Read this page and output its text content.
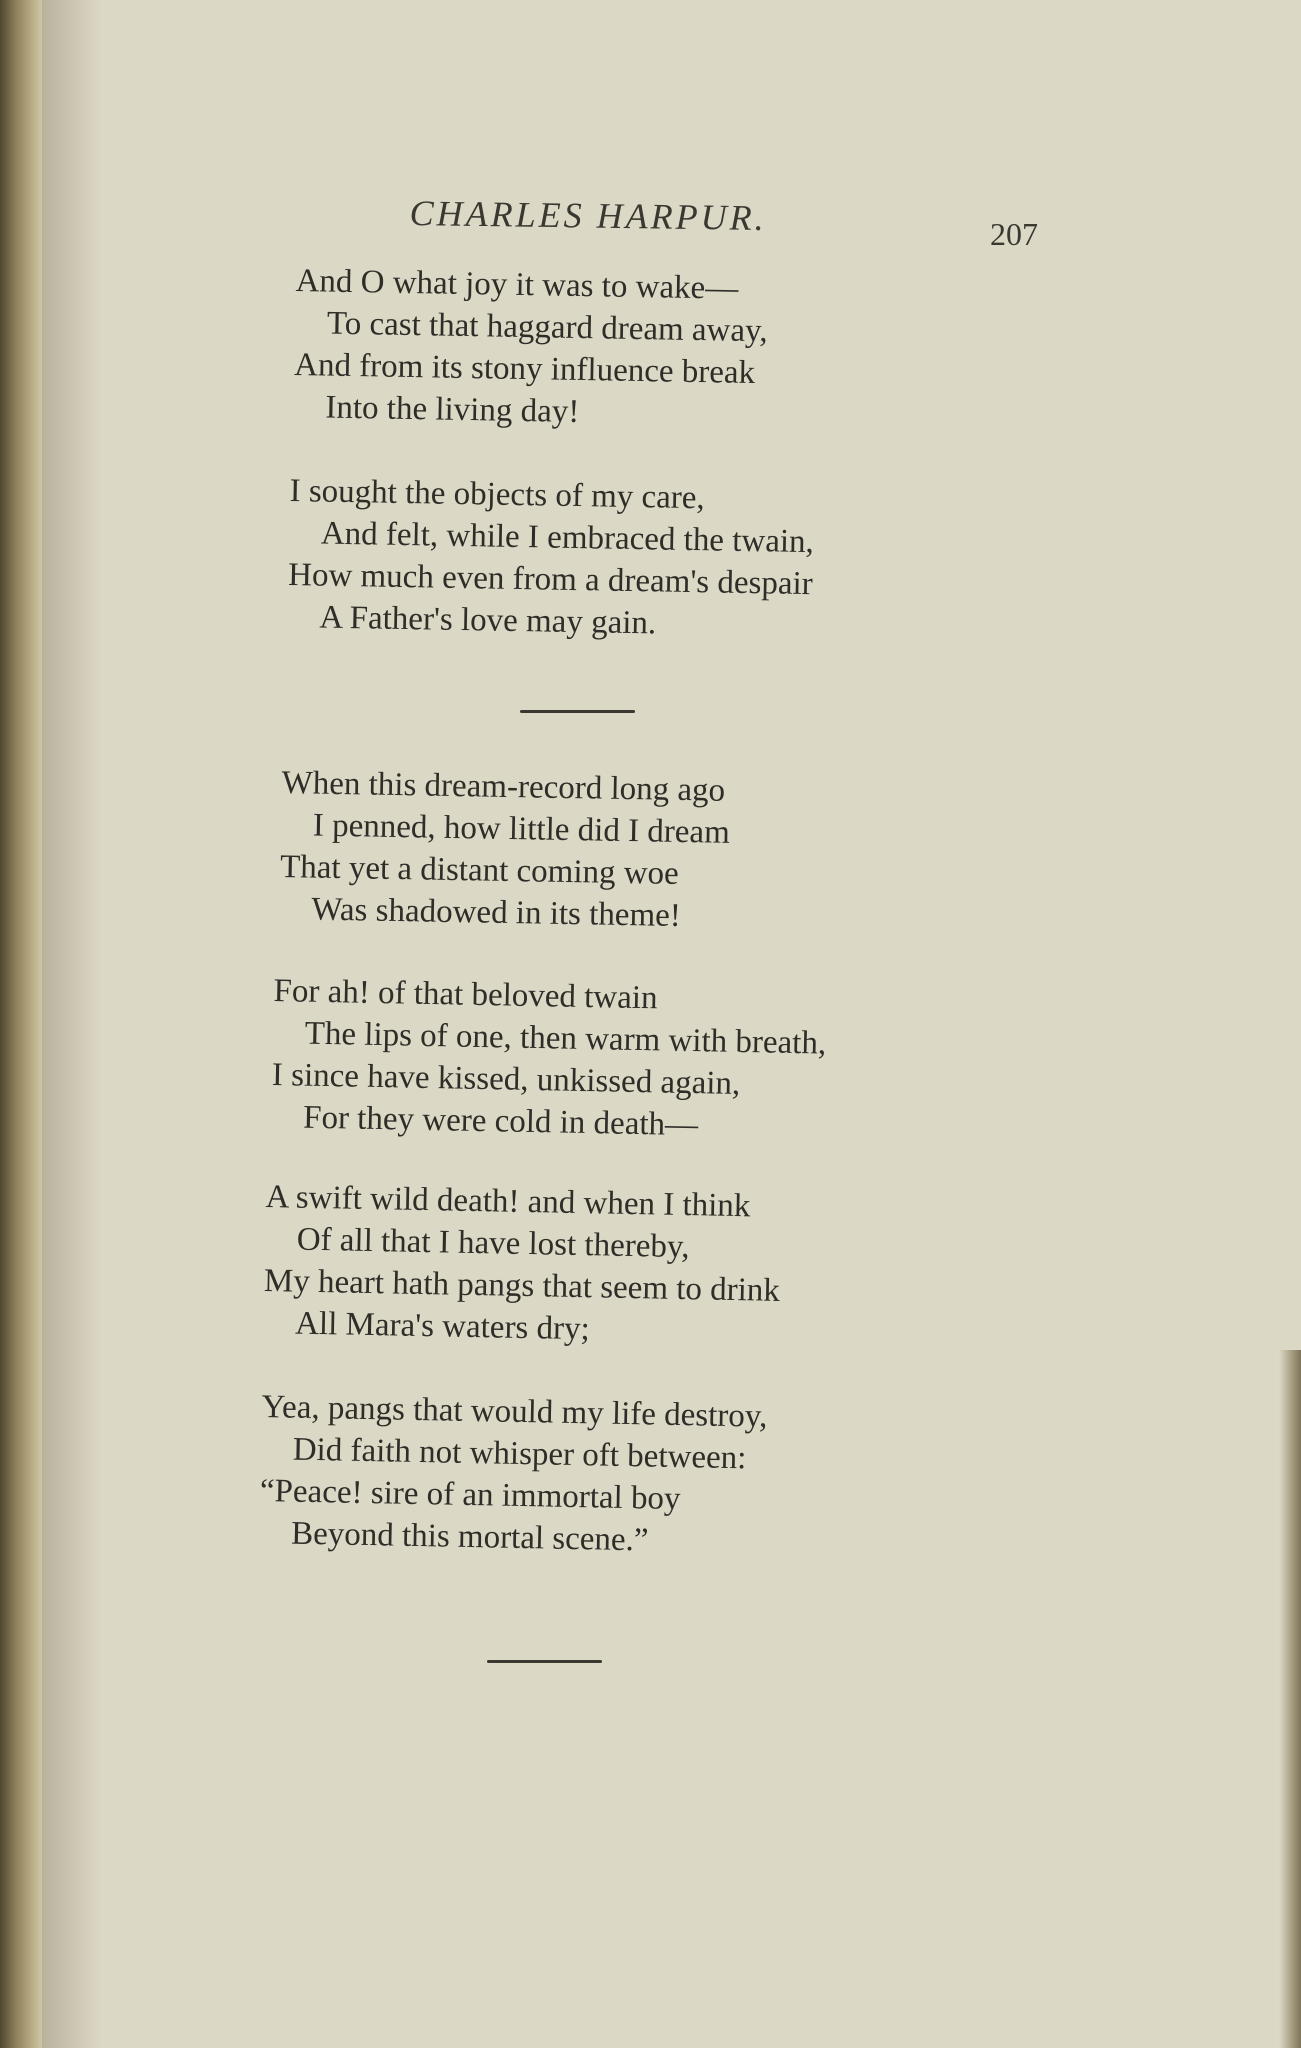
CHARLES HARPUR.	207
And O what joy it was to wake—
To cast that haggard dream away,
And from its stony influence break
Into the living day!
I sought the objects of my care,
And felt, while I embraced the twain,
How much even from a dream's despair
A Father's love may gain.
When this dream-record long ago
I penned, how little did I dream
That yet a distant coming woe
Was shadowed in its theme!
For ah! of that beloved twain
The lips of one, then warm with breath,
I since have kissed, unkissed again,
For they were cold in death—
A swift wild death! and when I think
Of all that I have lost thereby,
My heart hath pangs that seem to drink
All Mara's waters dry;
Yea, pangs that would my life destroy,
Did faith not whisper oft between:
“Peace! sire of an immortal boy
Beyond this mortal scene.”
